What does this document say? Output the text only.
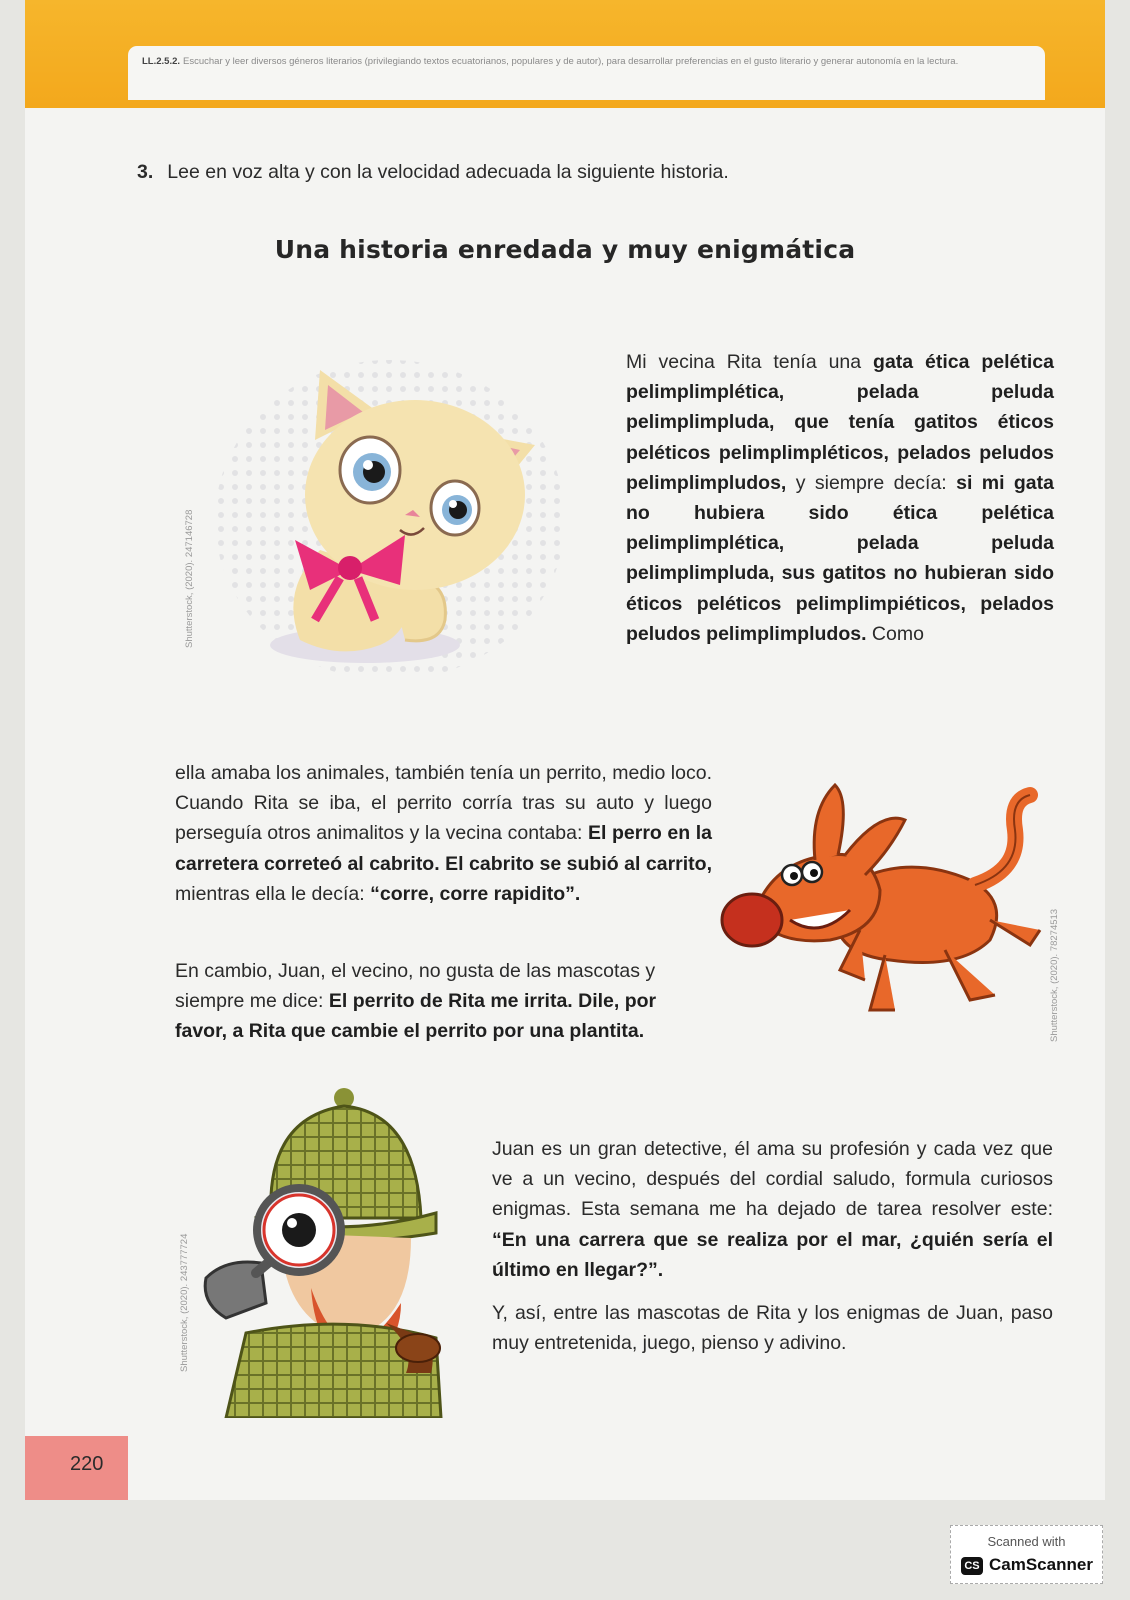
LL.2.5.2. Escuchar y leer diversos géneros literarios (privilegiando textos ecuatorianos, populares y de autor), para desarrollar preferencias en el gusto literario y generar autonomía en la lectura.
3. Lee en voz alta y con la velocidad adecuada la siguiente historia.
Una historia enredada y muy enigmática
Mi vecina Rita tenía una gata ética pelética pelimplimplética, pelada peluda pelimplimpluda, que tenía gatitos éticos peléticos pelimplimpléticos, pelados peludos pelimplimpludos, y siempre decía: si mi gata no hubiera sido ética pelética pelimplimplética, pelada peluda pelimplimpluda, sus gatitos no hubieran sido éticos peléticos pelimplimpiéticos, pelados peludos pelimplimpludos. Como
ella amaba los animales, también tenía un perrito, medio loco. Cuando Rita se iba, el perrito corría tras su auto y luego perseguía otros animalitos y la vecina contaba: El perro en la carretera correteó al cabrito. El cabrito se subió al carrito, mientras ella le decía: “corre, corre rapidito”.
En cambio, Juan, el vecino, no gusta de las mascotas y siempre me dice: El perrito de Rita me irrita. Dile, por favor, a Rita que cambie el perrito por una plantita.
Juan es un gran detective, él ama su profesión y cada vez que ve a un vecino, después del cordial saludo, formula curiosos enigmas. Esta semana me ha dejado de tarea resolver este: “En una carrera que se realiza por el mar, ¿quién sería el último en llegar?”.
Y, así, entre las mascotas de Rita y los enigmas de Juan, paso muy entretenida, juego, pienso y adivino.
Shutterstock, (2020). 247146728
Shutterstock, (2020). 78274513
Shutterstock, (2020). 243777724
220
Scanned with
CS CamScanner
